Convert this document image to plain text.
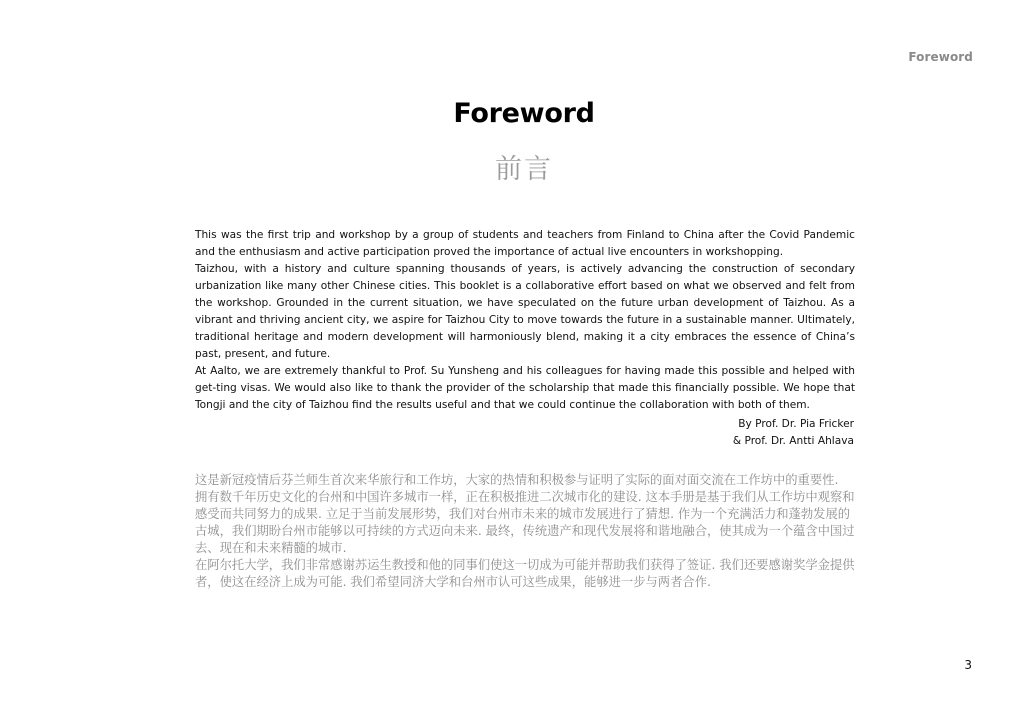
Foreword
Foreword
前言

This was the first trip and workshop by a group of students and teachers from Finland to China after the Covid Pandemic and the enthusiasm and active participation proved the importance of actual live encounters in workshopping.

Taizhou, with a history and culture spanning thousands of years, is actively advancing the construction of secondary urbanization like many other Chinese cities. This booklet is a collaborative effort based on what we observed and felt from the workshop. Grounded in the current situation, we have speculated on the future urban development of Taizhou. As a vibrant and thriving ancient city, we aspire for Taizhou City to move towards the future in a sustainable manner. Ultimately, traditional heritage and modern development will harmoniously blend, making it a city embraces the essence of China’s past, present, and future.

At Aalto, we are extremely thankful to Prof. Su Yunsheng and his colleagues for having made this possible and helped with get-ting visas. We would also like to thank the provider of the scholarship that made this financially possible. We hope that Tongji and the city of Taizhou find the results useful and that we could continue the collaboration with both of them.

By Prof. Dr. Pia Fricker
& Prof. Dr. Antti Ahlava

这是新冠疫情后芬兰师生首次来华旅行和工作坊，大家的热情和积极参与证明了实际的面对面交流在工作坊中的重要性.

拥有数千年历史文化的台州和中国许多城市一样，正在积极推进二次城市化的建设. 这本手册是基于我们从工作坊中观察和感受而共同努力的成果. 立足于当前发展形势，我们对台州市未来的城市发展进行了猜想. 作为一个充满活力和蓬勃发展的古城，我们期盼台州市能够以可持续的方式迈向未来. 最终，传统遗产和现代发展将和谐地融合，使其成为一个蕴含中国过去、现在和未来精髓的城市.

在阿尔托大学，我们非常感谢苏运生教授和他的同事们使这一切成为可能并帮助我们获得了签证. 我们还要感谢奖学金提供者，使这在经济上成为可能. 我们希望同济大学和台州市认可这些成果，能够进一步与两者合作.

3
